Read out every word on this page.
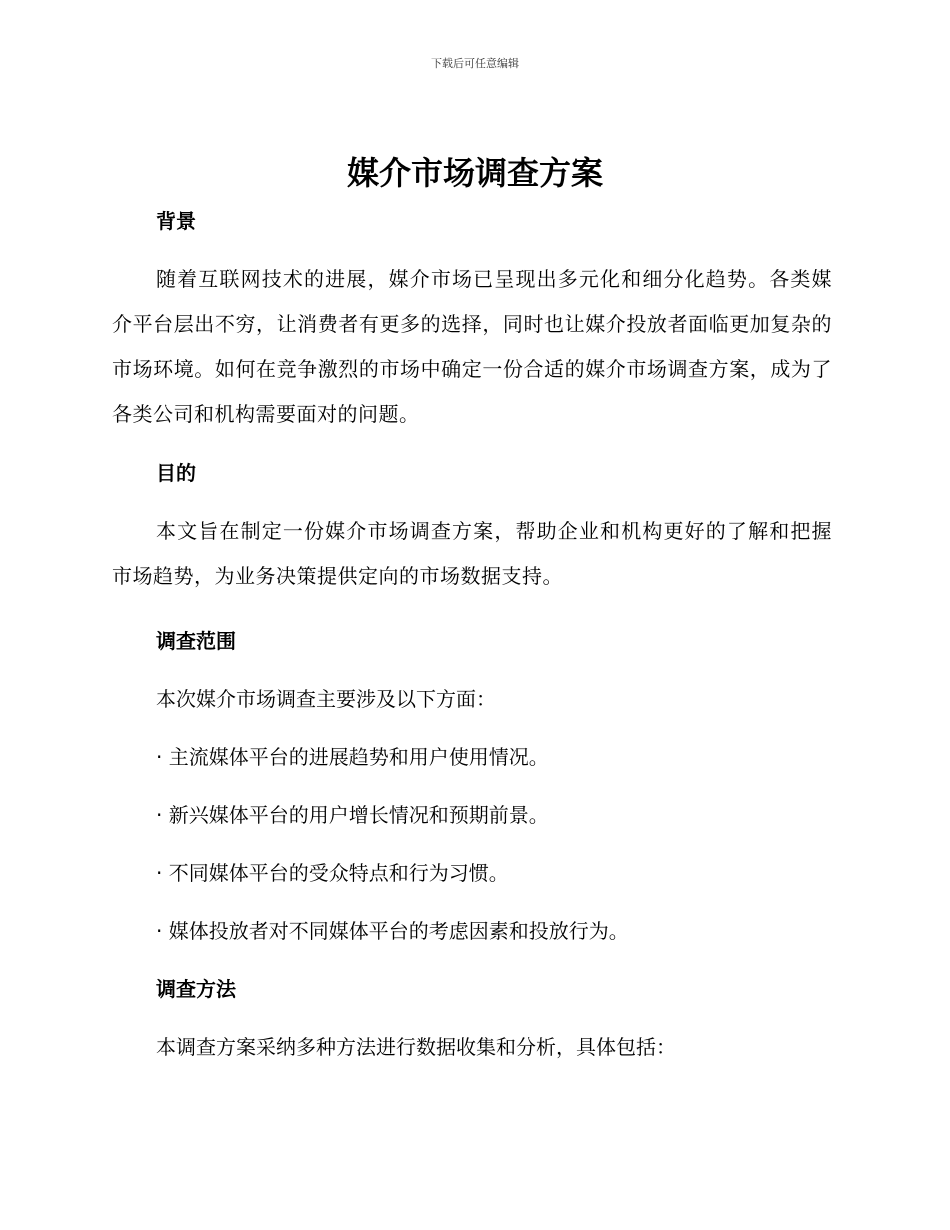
下载后可任意编辑
媒介市场调查方案

背景

随着互联网技术的进展，媒介市场已呈现出多元化和细分化趋势。各类媒介平台层出不穷，让消费者有更多的选择，同时也让媒介投放者面临更加复杂的市场环境。如何在竞争激烈的市场中确定一份合适的媒介市场调查方案，成为了各类公司和机构需要面对的问题。

目的

本文旨在制定一份媒介市场调查方案，帮助企业和机构更好的了解和把握市场趋势，为业务决策提供定向的市场数据支持。

调查范围

本次媒介市场调查主要涉及以下方面：

· 主流媒体平台的进展趋势和用户使用情况。

· 新兴媒体平台的用户增长情况和预期前景。

· 不同媒体平台的受众特点和行为习惯。

· 媒体投放者对不同媒体平台的考虑因素和投放行为。

调查方法

本调查方案采纳多种方法进行数据收集和分析，具体包括：
